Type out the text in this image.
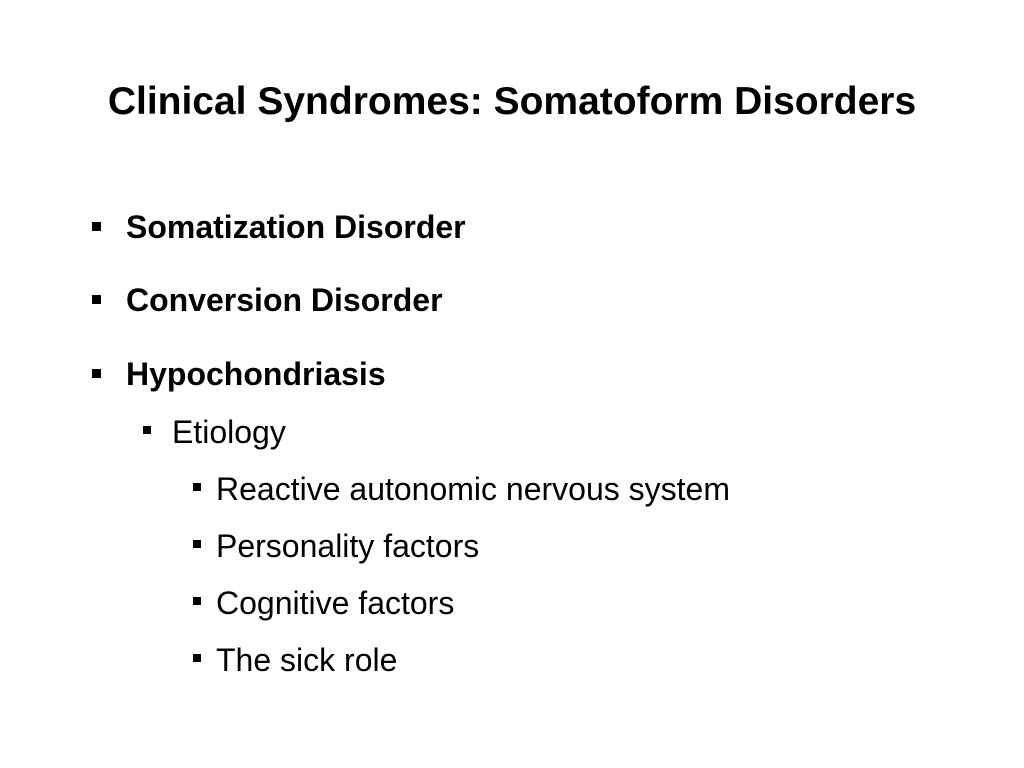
Clinical Syndromes: Somatoform Disorders
Somatization Disorder
Conversion Disorder
Hypochondriasis
Etiology
Reactive autonomic nervous system
Personality factors
Cognitive factors
The sick role
